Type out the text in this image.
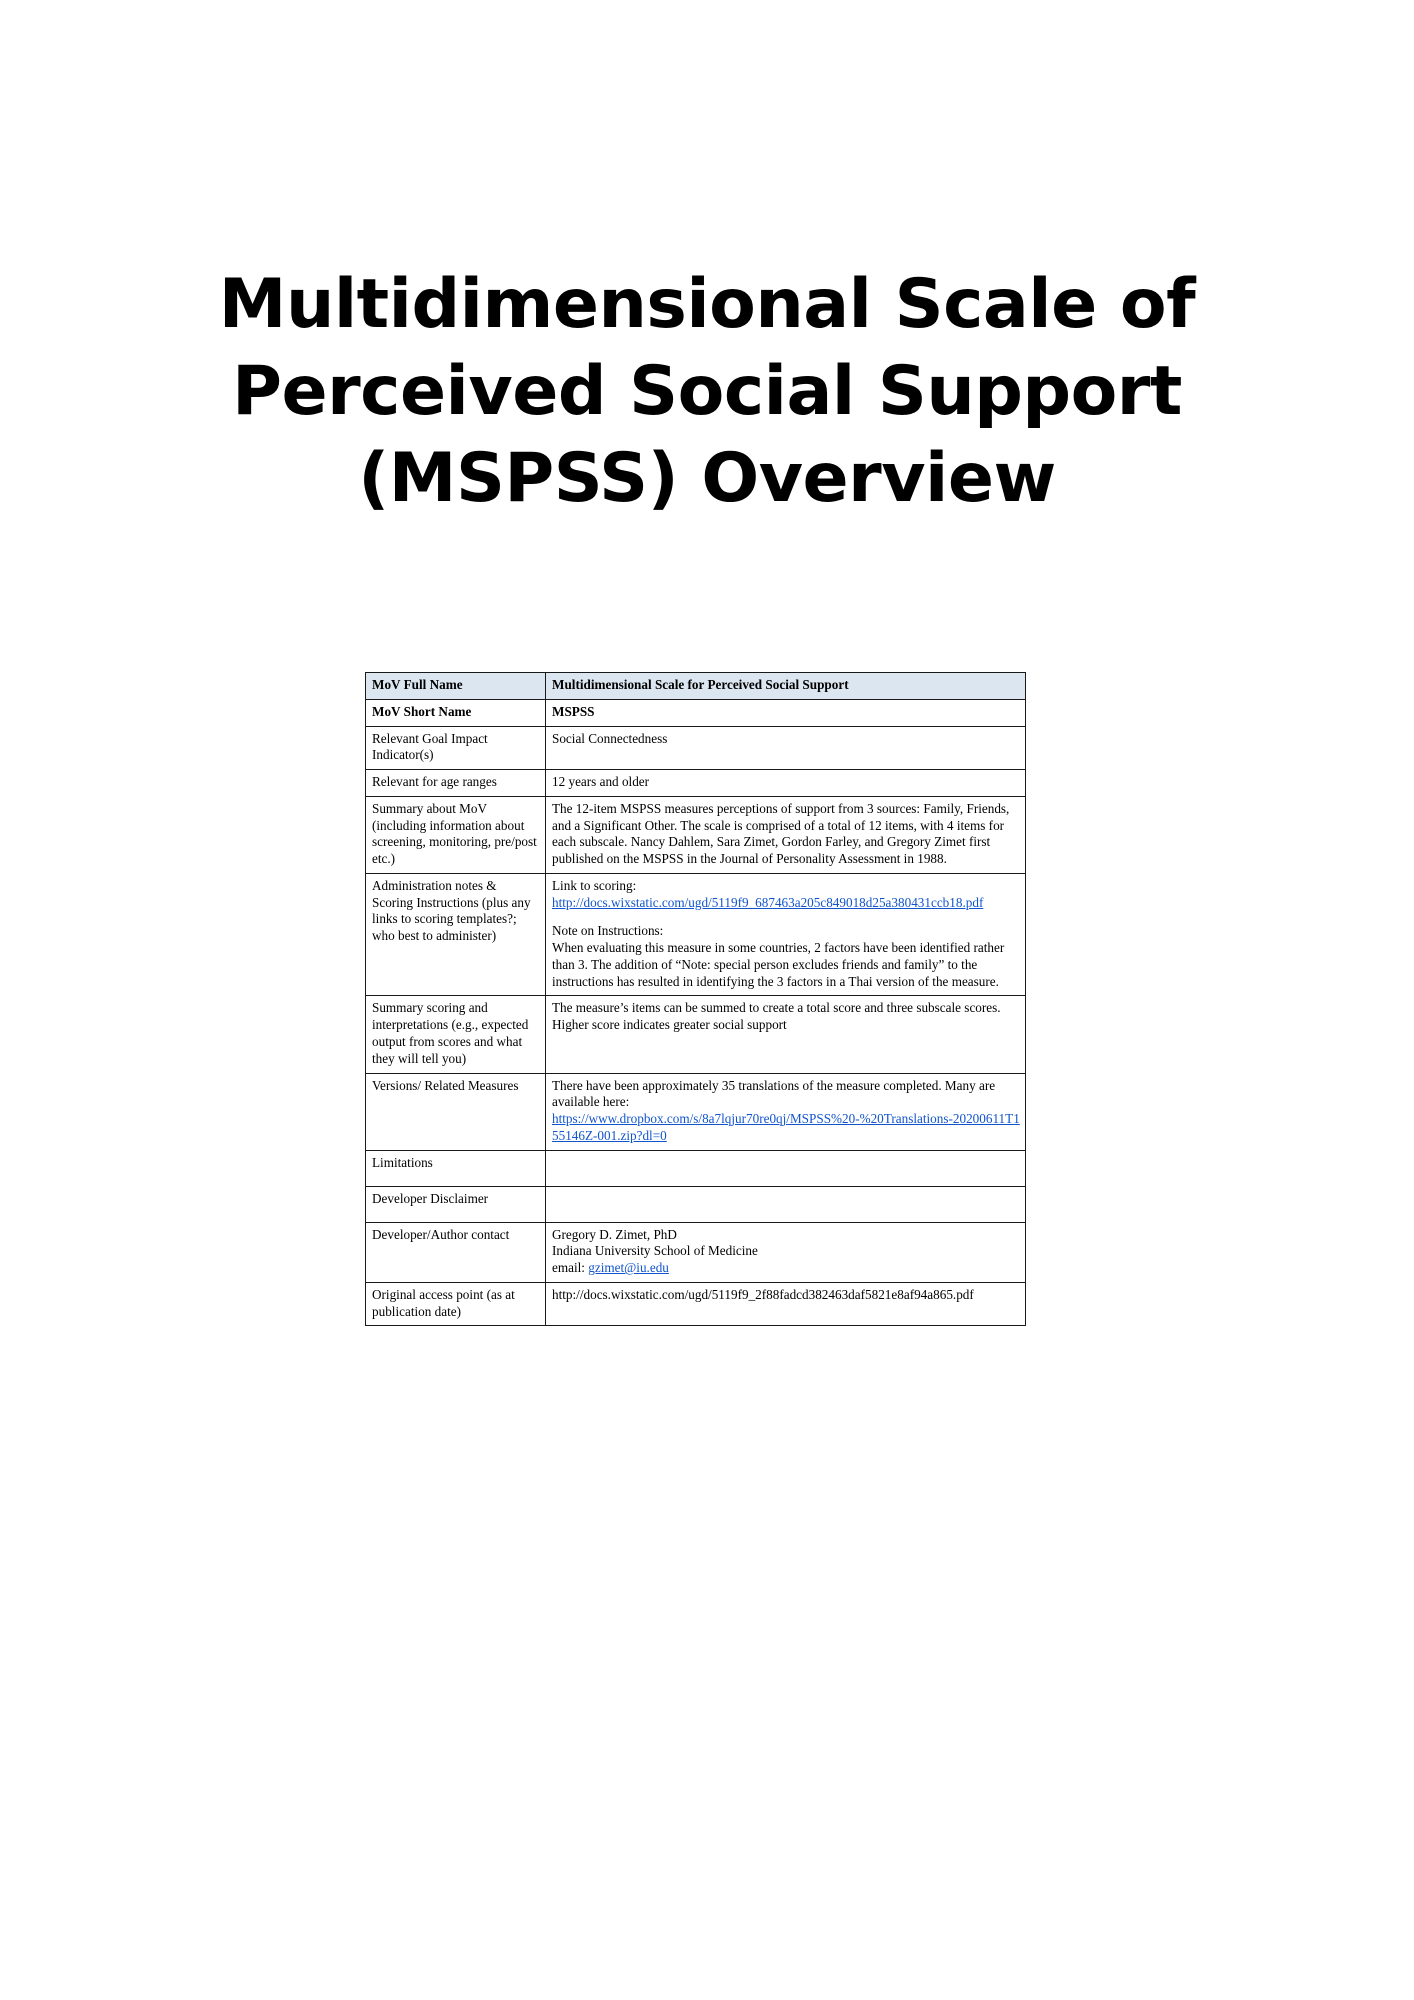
Multidimensional Scale of Perceived Social Support (MSPSS) Overview
MoV Full Name	Multidimensional Scale for Perceived Social Support
MoV Short Name	MSPSS
Relevant Goal Impact Indicator(s)	Social Connectedness
Relevant for age ranges	12 years and older
Summary about MoV (including information about screening, monitoring, pre/post etc.)	The 12-item MSPSS measures perceptions of support from 3 sources: Family, Friends, and a Significant Other. The scale is comprised of a total of 12 items, with 4 items for each subscale. Nancy Dahlem, Sara Zimet, Gordon Farley, and Gregory Zimet first published on the MSPSS in the Journal of Personality Assessment in 1988.
Administration notes & Scoring Instructions (plus any links to scoring templates?; who best to administer)	Link to scoring:

http://docs.wixstatic.com/ugd/5119f9_687463a205c849018d25a380431ccb18.pdf

Note on Instructions:

When evaluating this measure in some countries, 2 factors have been identified rather than 3. The addition of “Note: special person excludes friends and family” to the instructions has resulted in identifying the 3 factors in a Thai version of the measure.

Summary scoring and interpretations (e.g., expected output from scores and what they will tell you)	The measure’s items can be summed to create a total score and three subscale scores. Higher score indicates greater social support
Versions/ Related Measures	There have been approximately 35 translations of the measure completed. Many are available here:

https://www.dropbox.com/s/8a7lqjur70re0qj/MSPSS%20-%20Translations-20200611T155146Z-001.zip?dl=0

Limitations	
Developer Disclaimer	
Developer/Author contact	Gregory D. Zimet, PhD

Indiana University School of Medicine

email: gzimet@iu.edu

Original access point (as at publication date)	http://docs.wixstatic.com/ugd/5119f9_2f88fadcd382463daf5821e8af94a865.pdf
